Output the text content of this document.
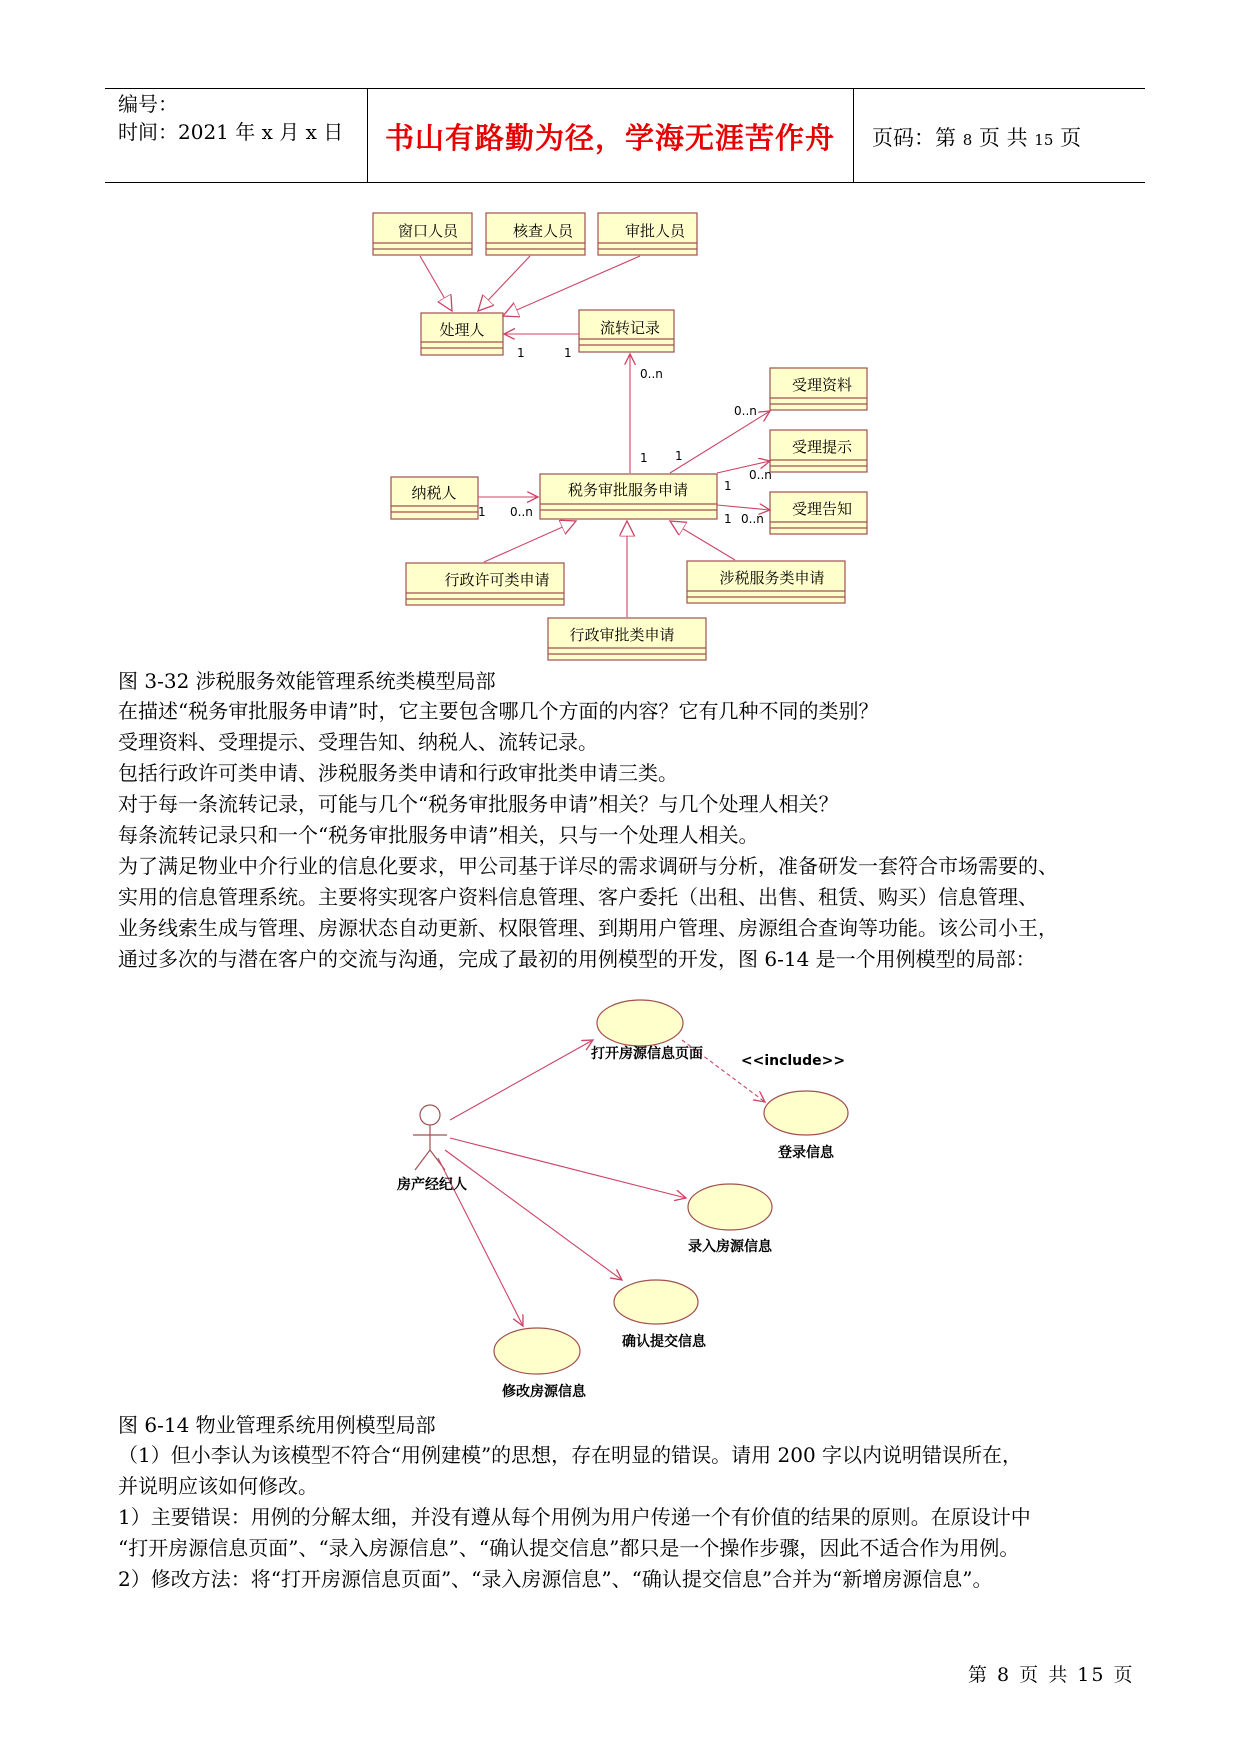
编号：
时间：2021 年 x 月 x 日	书山有路勤为径，学海无涯苦作舟	页码：第 8 页 共 15 页
窗口人员	核查人员	审批人员
处理人	流转记录
受理资料
受理提示
受理告知
纳税人	税务审批服务申请
行政许可类申请	涉税服务类申请
行政审批类申请
1	1
0..n
1 1
0..n
1
0..n
1 0..n
1 0..n
图 3-32 涉税服务效能管理系统类模型局部
在描述“税务审批服务申请”时，它主要包含哪几个方面的内容？它有几种不同的类别？
受理资料、受理提示、受理告知、纳税人、流转记录。
包括行政许可类申请、涉税服务类申请和行政审批类申请三类。
对于每一条流转记录，可能与几个“税务审批服务申请”相关？与几个处理人相关？
每条流转记录只和一个“税务审批服务申请”相关，只与一个处理人相关。
为了满足物业中介行业的信息化要求，甲公司基于详尽的需求调研与分析，准备研发一套符合市场需要的、
实用的信息管理系统。主要将实现客户资料信息管理、客户委托（出租、出售、租赁、购买）信息管理、
业务线索生成与管理、房源状态自动更新、权限管理、到期用户管理、房源组合查询等功能。该公司小王，
通过多次的与潜在客户的交流与沟通，完成了最初的用例模型的开发，图 6-14 是一个用例模型的局部：
房产经纪人
打开房源信息页面	<<include>>
登录信息
录入房源信息
确认提交信息
修改房源信息
图 6-14 物业管理系统用例模型局部
（1）但小李认为该模型不符合“用例建模”的思想，存在明显的错误。请用 200 字以内说明错误所在，
并说明应该如何修改。
1）主要错误：用例的分解太细，并没有遵从每个用例为用户传递一个有价值的结果的原则。在原设计中
“打开房源信息页面”、“录入房源信息”、“确认提交信息”都只是一个操作步骤，因此不适合作为用例。
2）修改方法：将“打开房源信息页面”、“录入房源信息”、“确认提交信息”合并为“新增房源信息”。
第 8 页 共 15 页
